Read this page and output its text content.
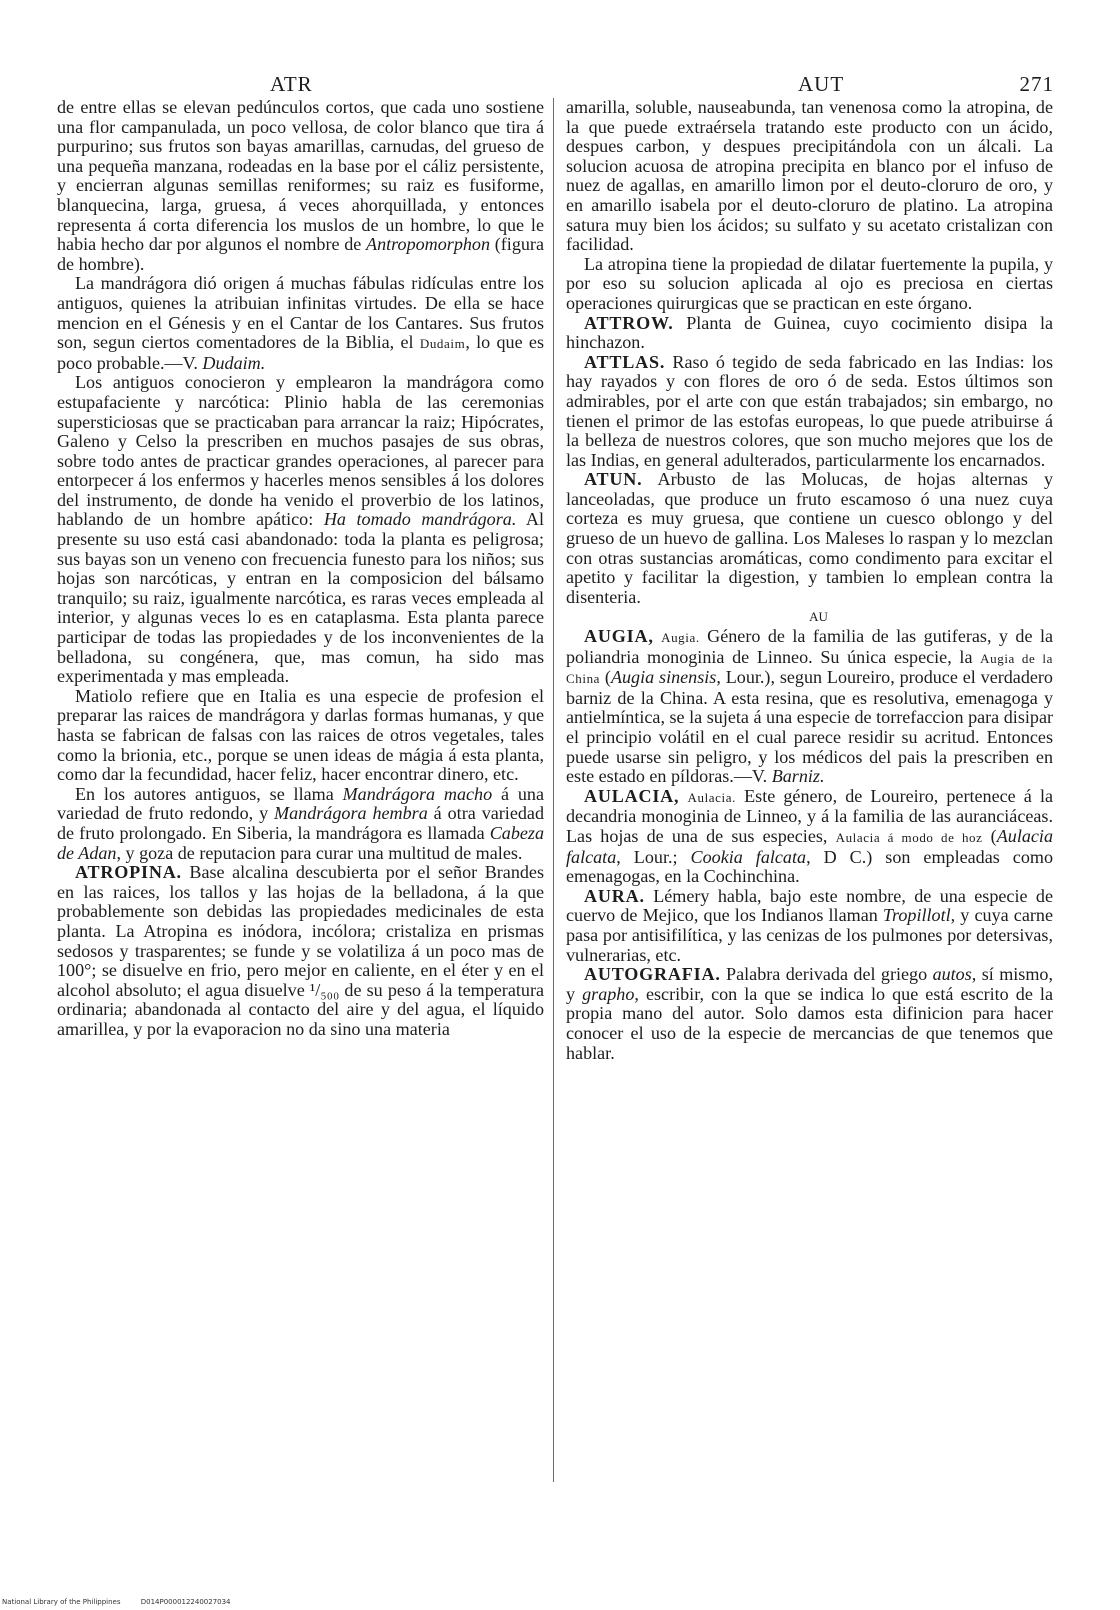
ATR	AUT	271

de entre ellas se elevan pedúnculos cortos, que cada uno sostiene una flor campanulada, un poco vellosa, de color blanco que tira á purpurino; sus frutos son bayas amarillas, carnudas, del grueso de una pequeña manzana, rodeadas en la base por el cáliz persistente, y encierran algunas semillas reniformes; su raiz es fusiforme, blanquecina, larga, gruesa, á veces ahorquillada, y entonces representa á corta diferencia los muslos de un hombre, lo que le habia hecho dar por algunos el nombre de Antropomorphon (figura de hombre).

La mandrágora dió origen á muchas fábulas ridículas entre los antiguos, quienes la atribuian infinitas virtudes. De ella se hace mencion en el Génesis y en el Cantar de los Cantares. Sus frutos son, segun ciertos comentadores de la Biblia, el Dudaim, lo que es poco probable.—V. Dudaim.

Los antiguos conocieron y emplearon la mandrágora como estupafaciente y narcótica: Plinio habla de las ceremonias supersticiosas que se practicaban para arrancar la raiz; Hipócrates, Galeno y Celso la prescriben en muchos pasajes de sus obras, sobre todo antes de practicar grandes operaciones, al parecer para entorpecer á los enfermos y hacerles menos sensibles á los dolores del instrumento, de donde ha venido el proverbio de los latinos, hablando de un hombre apático: Ha tomado mandrágora. Al presente su uso está casi abandonado: toda la planta es peligrosa; sus bayas son un veneno con frecuencia funesto para los niños; sus hojas son narcóticas, y entran en la composicion del bálsamo tranquilo; su raiz, igualmente narcótica, es raras veces empleada al interior, y algunas veces lo es en cataplasma. Esta planta parece participar de todas las propiedades y de los inconvenientes de la belladona, su congénera, que, mas comun, ha sido mas experimentada y mas empleada.

Matiolo refiere que en Italia es una especie de profesion el preparar las raices de mandrágora y darlas formas humanas, y que hasta se fabrican de falsas con las raices de otros vegetales, tales como la brionia, etc., porque se unen ideas de mágia á esta planta, como dar la fecundidad, hacer feliz, hacer encontrar dinero, etc.

En los autores antiguos, se llama Mandrágora macho á una variedad de fruto redondo, y Mandrágora hembra á otra variedad de fruto prolongado. En Siberia, la mandrágora es llamada Cabeza de Adan, y goza de reputacion para curar una multitud de males.

ATROPINA. Base alcalina descubierta por el señor Brandes en las raices, los tallos y las hojas de la belladona, á la que probablemente son debidas las propiedades medicinales de esta planta. La Atropina es inódora, incólora; cristaliza en prismas sedosos y trasparentes; se funde y se volatiliza á un poco mas de 100°; se disuelve en frio, pero mejor en caliente, en el éter y en el alcohol absoluto; el agua disuelve ¹/₅₀₀ de su peso á la temperatura ordinaria; abandonada al contacto del aire y del agua, el líquido amarillea, y por la evaporacion no da sino una materia

amarilla, soluble, nauseabunda, tan venenosa como la atropina, de la que puede extraérsela tratando este producto con un ácido, despues carbon, y despues precipitándola con un álcali. La solucion acuosa de atropina precipita en blanco por el infuso de nuez de agallas, en amarillo limon por el deuto-cloruro de oro, y en amarillo isabela por el deuto-cloruro de platino. La atropina satura muy bien los ácidos; su sulfato y su acetato cristalizan con facilidad.

La atropina tiene la propiedad de dilatar fuertemente la pupila, y por eso su solucion aplicada al ojo es preciosa en ciertas operaciones quirurgicas que se practican en este órgano.

ATTROW. Planta de Guinea, cuyo cocimiento disipa la hinchazon.

ATTLAS. Raso ó tegido de seda fabricado en las Indias: los hay rayados y con flores de oro ó de seda. Estos últimos son admirables, por el arte con que están trabajados; sin embargo, no tienen el primor de las estofas europeas, lo que puede atribuirse á la belleza de nuestros colores, que son mucho mejores que los de las Indias, en general adulterados, particularmente los encarnados.

ATUN. Arbusto de las Molucas, de hojas alternas y lanceoladas, que produce un fruto escamoso ó una nuez cuya corteza es muy gruesa, que contiene un cuesco oblongo y del grueso de un huevo de gallina. Los Maleses lo raspan y lo mezclan con otras sustancias aromáticas, como condimento para excitar el apetito y facilitar la digestion, y tambien lo emplean contra la disenteria.

AU

AUGIA, Augia. Género de la familia de las gutiferas, y de la poliandria monoginia de Linneo. Su única especie, la Augia de la China (Augia sinensis, Lour.), segun Loureiro, produce el verdadero barniz de la China. A esta resina, que es resolutiva, emenagoga y antielmíntica, se la sujeta á una especie de torrefaccion para disipar el principio volátil en el cual parece residir su acritud. Entonces puede usarse sin peligro, y los médicos del pais la prescriben en este estado en píldoras.—V. Barniz.

AULACIA, Aulacia. Este género, de Loureiro, pertenece á la decandria monoginia de Linneo, y á la familia de las auranciáceas. Las hojas de una de sus especies, Aulacia á modo de hoz (Aulacia falcata, Lour.; Cookia falcata, D C.) son empleadas como emenagogas, en la Cochinchina.

AURA. Lémery habla, bajo este nombre, de una especie de cuervo de Mejico, que los Indianos llaman Tropillotl, y cuya carne pasa por antisifilítica, y las cenizas de los pulmones por detersivas, vulnerarias, etc.

AUTOGRAFIA. Palabra derivada del griego autos, sí mismo, y grapho, escribir, con la que se indica lo que está escrito de la propia mano del autor. Solo damos esta difinicion para hacer conocer el uso de la especie de mercancias de que tenemos que hablar.

National Library of the Philippines	D014P000012240027034
